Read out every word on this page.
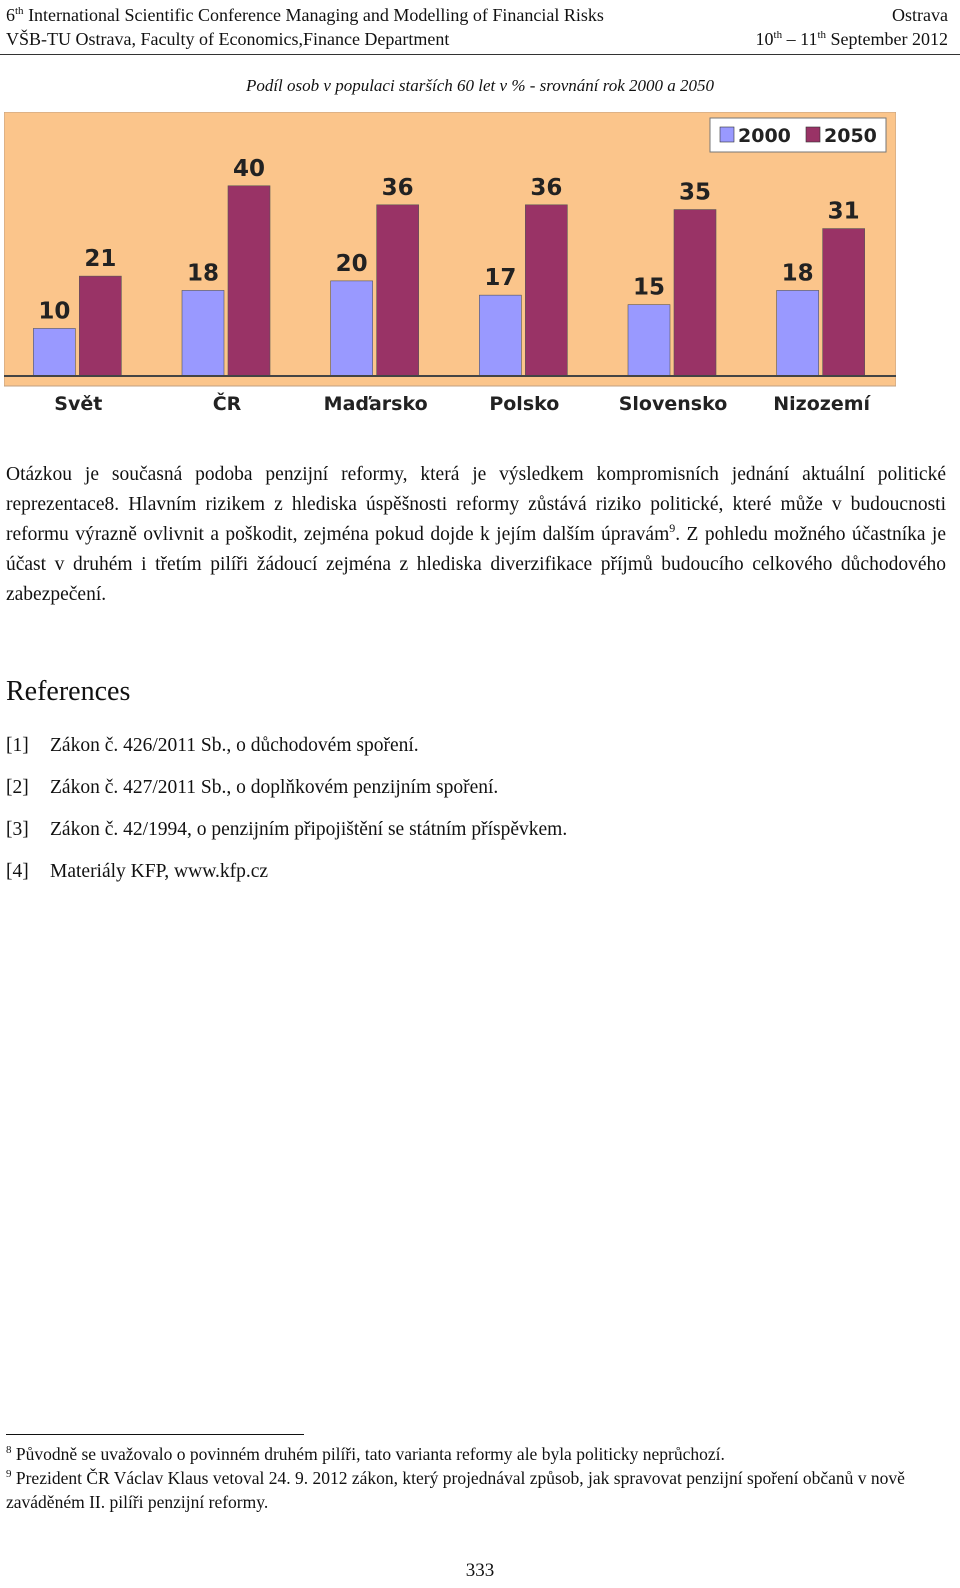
6th International Scientific Conference Managing and Modelling of Financial Risks	Ostrava
VŠB-TU Ostrava, Faculty of Economics,Finance Department	10th – 11th September 2012
Podíl osob v populaci starších 60 let v % - srovnání rok 2000 a 2050
10
21
Svět
18
40
ČR
20
36
Maďarsko
17
36
Polsko
15
35
Slovensko
18
31
Nizozemí
2000 2050

Otázkou je současná podoba penzijní reformy, která je výsledkem kompromisních jednání aktuální politické reprezentace8. Hlavním rizikem z hlediska úspěšnosti reformy zůstává riziko politické, které může v budoucnosti reformu výrazně ovlivnit a poškodit, zejména pokud dojde k jejím dalším úpravám$^9$. Z pohledu možného účastníka je účast v druhém i třetím pilíři žádoucí zejména z hlediska diverzifikace příjmů budoucího celkového důchodového zabezpečení.

References
[1] Zákon č. 426/2011 Sb., o důchodovém spoření.
[2] Zákon č. 427/2011 Sb., o doplňkovém penzijním spoření.
[3] Zákon č. 42/1994, o penzijním připojištění se státním příspěvkem.
[4] Materiály KFP, www.kfp.cz

$^8$ Původně se uvažovalo o povinném druhém pilíři, tato varianta reformy ale byla politicky neprůchozí.

$^9$ Prezident ČR Václav Klaus vetoval 24. 9. 2012 zákon, který projednával způsob, jak spravovat penzijní spoření občanů v nově zaváděném II. pilíři penzijní reformy.

333
